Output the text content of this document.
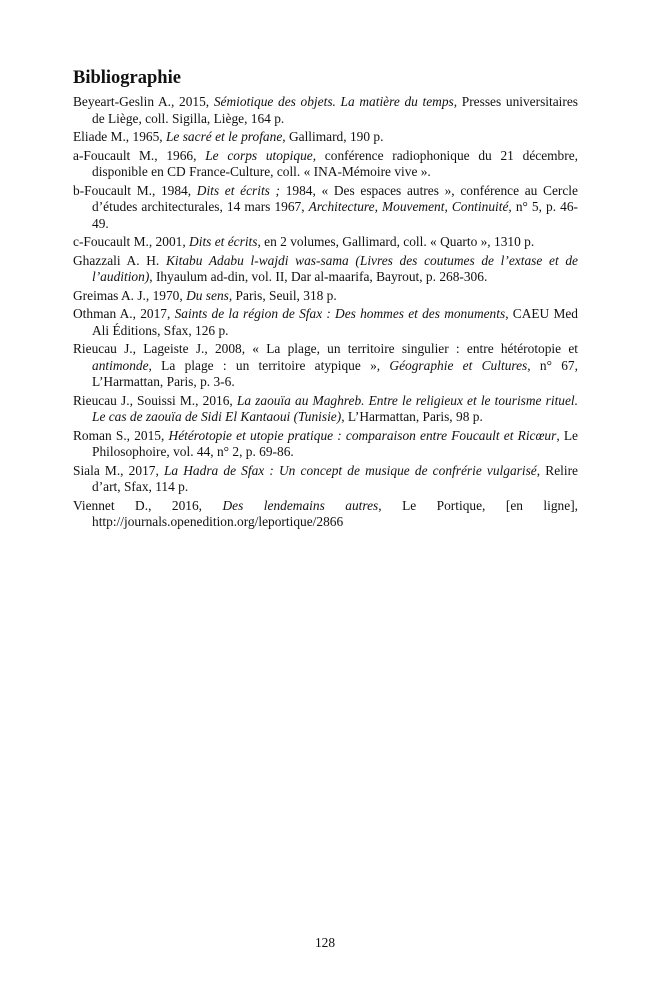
Bibliographie
Beyeart-Geslin A., 2015, Sémiotique des objets. La matière du temps, Presses universitaires de Liège, coll. Sigilla, Liège, 164 p.
Eliade M., 1965, Le sacré et le profane, Gallimard, 190 p.
a-Foucault M., 1966, Le corps utopique, conférence radiophonique du 21 décembre, disponible en CD France-Culture, coll. « INA-Mémoire vive ».
b-Foucault M., 1984, Dits et écrits ; 1984, « Des espaces autres », conférence au Cercle d’études architecturales, 14 mars 1967, Architecture, Mouvement, Continuité, n° 5, p. 46-49.
c-Foucault M., 2001, Dits et écrits, en 2 volumes, Gallimard, coll. « Quarto », 1310 p.
Ghazzali A. H. Kitabu Adabu l-wajdi was-sama (Livres des coutumes de l’extase et de l’audition), Ihyaulum ad-din, vol. II, Dar al-maarifa, Bayrout, p. 268-306.
Greimas A. J., 1970, Du sens, Paris, Seuil, 318 p.
Othman A., 2017, Saints de la région de Sfax : Des hommes et des monuments, CAEU Med Ali Éditions, Sfax, 126 p.
Rieucau J., Lageiste J., 2008, « La plage, un territoire singulier : entre hétérotopie et antimonde, La plage : un territoire atypique », Géographie et Cultures, n° 67, L’Harmattan, Paris, p. 3-6.
Rieucau J., Souissi M., 2016, La zaouïa au Maghreb. Entre le religieux et le tourisme rituel. Le cas de zaouïa de Sidi El Kantaoui (Tunisie), L’Harmattan, Paris, 98 p.
Roman S., 2015, Hétérotopie et utopie pratique : comparaison entre Foucault et Ricœur, Le Philosophoire, vol. 44, n° 2, p. 69-86.
Siala M., 2017, La Hadra de Sfax : Un concept de musique de confrérie vulgarisé, Relire d’art, Sfax, 114 p.
Viennet D., 2016, Des lendemains autres, Le Portique, [en ligne], http://journals.openedition.org/leportique/2866
128
